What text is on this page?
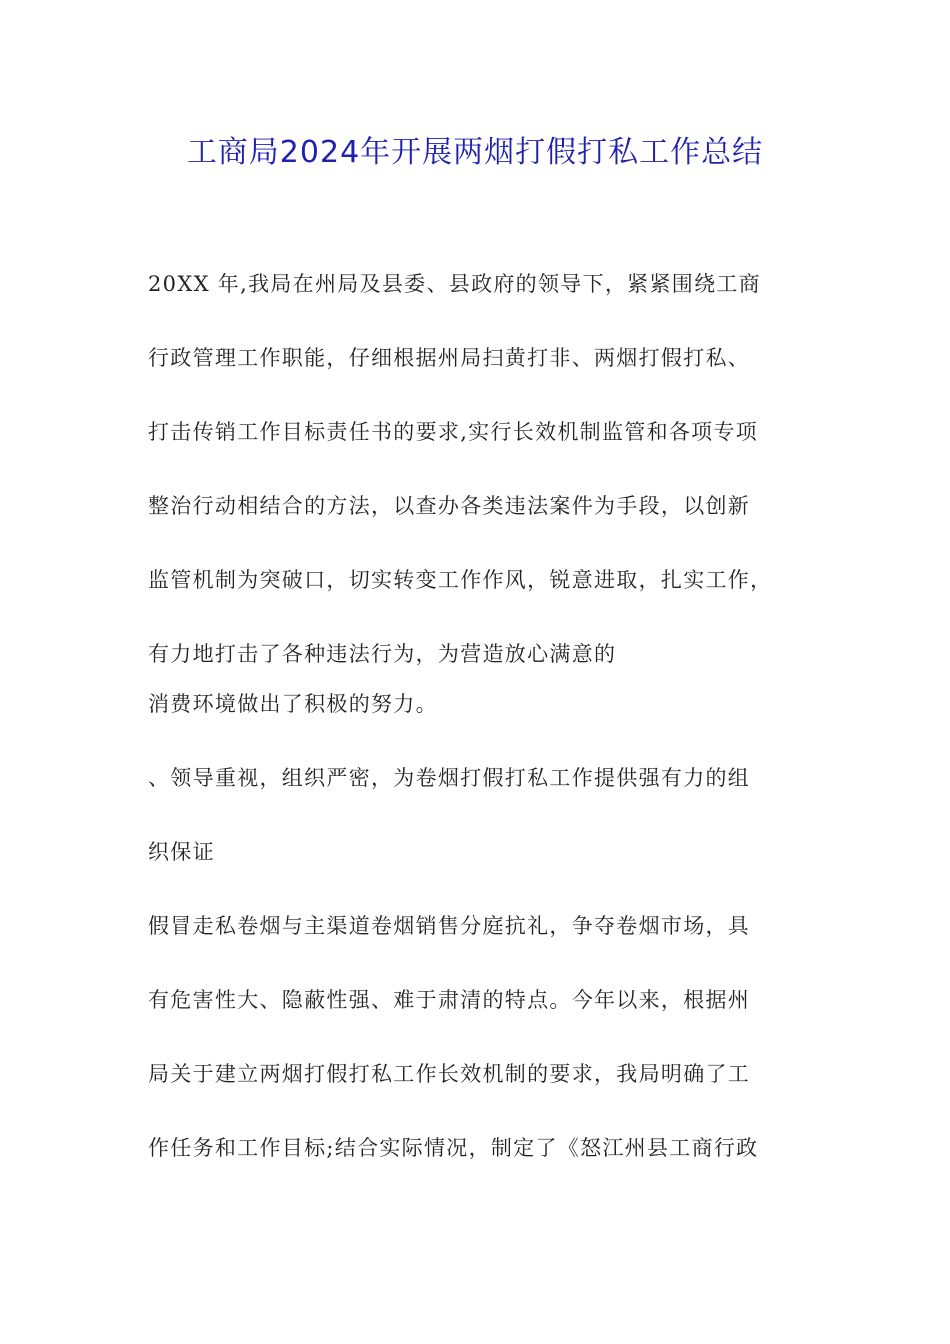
工商局2024年开展两烟打假打私工作总结
20XX 年,我局在州局及县委、县政府的领导下，紧紧围绕工商
行政管理工作职能，仔细根据州局扫黄打非、两烟打假打私、
打击传销工作目标责任书的要求,实行长效机制监管和各项专项
整治行动相结合的方法，以查办各类违法案件为手段，以创新
监管机制为突破口，切实转变工作作风，锐意进取，扎实工作，
有力地打击了各种违法行为，为营造放心满意的
消费环境做出了积极的努力。
、领导重视，组织严密，为卷烟打假打私工作提供强有力的组
织保证
假冒走私卷烟与主渠道卷烟销售分庭抗礼，争夺卷烟市场，具
有危害性大、隐蔽性强、难于肃清的特点。今年以来，根据州
局关于建立两烟打假打私工作长效机制的要求，我局明确了工
作任务和工作目标;结合实际情况，制定了《怒江州县工商行政
